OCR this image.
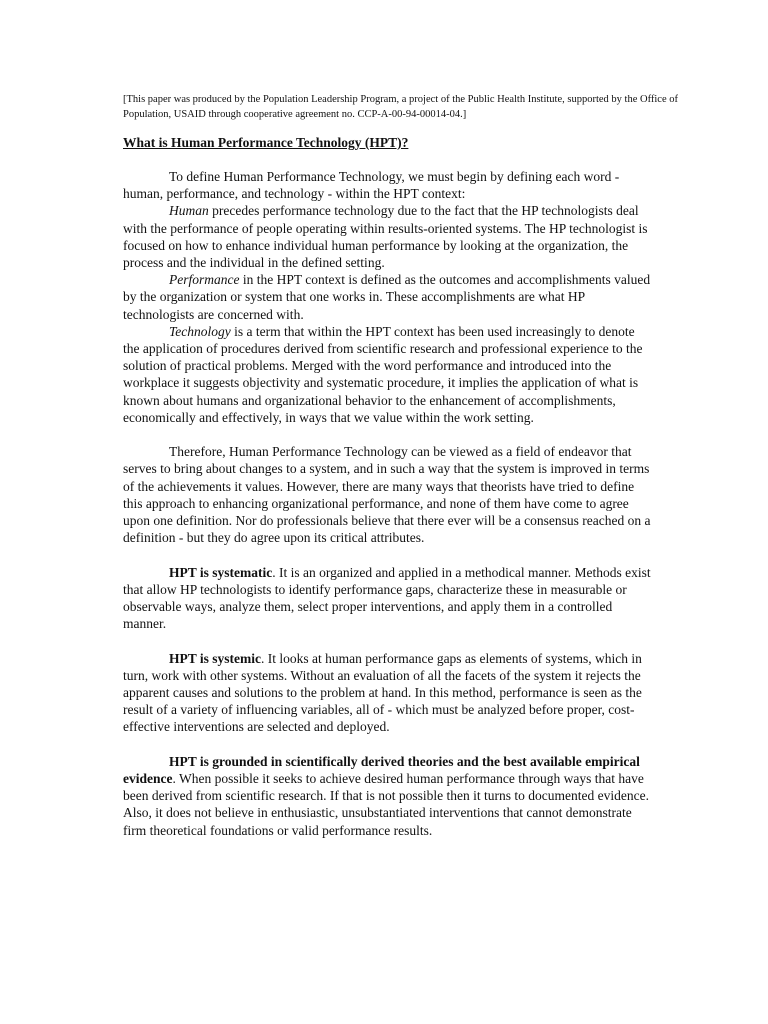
[This paper was produced by the Population Leadership Program, a project of the Public Health Institute, supported by the Office of Population, USAID through cooperative agreement no. CCP-A-00-94-00014-04.]
What is Human Performance Technology (HPT)?

To define Human Performance Technology, we must begin by defining each word - human, performance, and technology - within the HPT context:

Human precedes performance technology due to the fact that the HP technologists deal with the performance of people operating within results-oriented systems. The HP technologist is focused on how to enhance individual human performance by looking at the organization, the process and the individual in the defined setting.

Performance in the HPT context is defined as the outcomes and accomplishments valued by the organization or system that one works in. These accomplishments are what HP technologists are concerned with.

Technology is a term that within the HPT context has been used increasingly to denote the application of procedures derived from scientific research and professional experience to the solution of practical problems. Merged with the word performance and introduced into the workplace it suggests objectivity and systematic procedure, it implies the application of what is known about humans and organizational behavior to the enhancement of accomplishments, economically and effectively, in ways that we value within the work setting.

Therefore, Human Performance Technology can be viewed as a field of endeavor that serves to bring about changes to a system, and in such a way that the system is improved in terms of the achievements it values. However, there are many ways that theorists have tried to define this approach to enhancing organizational performance, and none of them have come to agree upon one definition. Nor do professionals believe that there ever will be a consensus reached on a definition - but they do agree upon its critical attributes.

HPT is systematic. It is an organized and applied in a methodical manner. Methods exist that allow HP technologists to identify performance gaps, characterize these in measurable or observable ways, analyze them, select proper interventions, and apply them in a controlled manner.

HPT is systemic. It looks at human performance gaps as elements of systems, which in turn, work with other systems. Without an evaluation of all the facets of the system it rejects the apparent causes and solutions to the problem at hand. In this method, performance is seen as the result of a variety of influencing variables, all of - which must be analyzed before proper, cost-effective interventions are selected and deployed.

HPT is grounded in scientifically derived theories and the best available empirical evidence. When possible it seeks to achieve desired human performance through ways that have been derived from scientific research. If that is not possible then it turns to documented evidence. Also, it does not believe in enthusiastic, unsubstantiated interventions that cannot demonstrate firm theoretical foundations or valid performance results.
